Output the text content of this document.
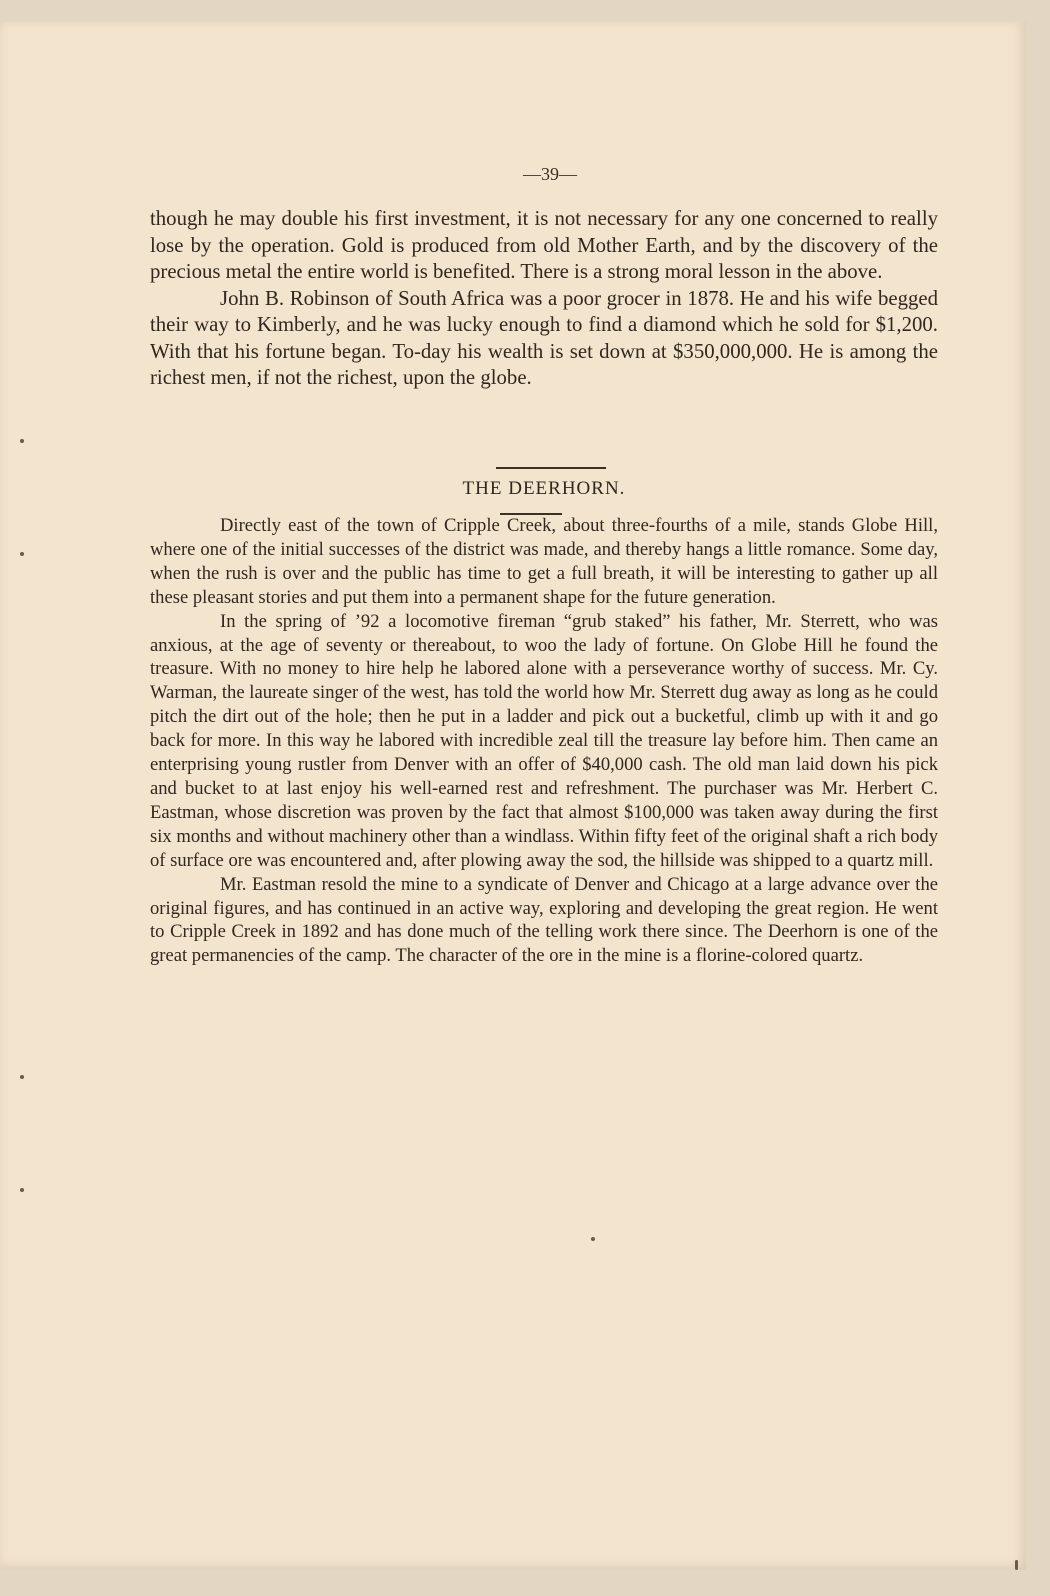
—39—

though he may double his first investment, it is not necessary for any one concerned to really lose by the operation. Gold is produced from old Mother Earth, and by the discovery of the precious metal the entire world is benefited. There is a strong moral lesson in the above.

John B. Robinson of South Africa was a poor grocer in 1878. He and his wife begged their way to Kimberly, and he was lucky enough to find a diamond which he sold for $1,200. With that his fortune began. To-day his wealth is set down at $350,000,000. He is among the richest men, if not the richest, upon the globe.

THE DEERHORN.

Directly east of the town of Cripple Creek, about three-fourths of a mile, stands Globe Hill, where one of the initial successes of the district was made, and thereby hangs a little romance. Some day, when the rush is over and the public has time to get a full breath, it will be interesting to gather up all these pleasant stories and put them into a permanent shape for the future generation.

In the spring of ’92 a locomotive fireman “grub staked” his father, Mr. Sterrett, who was anxious, at the age of seventy or thereabout, to woo the lady of fortune. On Globe Hill he found the treasure. With no money to hire help he labored alone with a perseverance worthy of success. Mr. Cy. Warman, the laureate singer of the west, has told the world how Mr. Sterrett dug away as long as he could pitch the dirt out of the hole; then he put in a ladder and pick out a bucketful, climb up with it and go back for more. In this way he labored with incredible zeal till the treasure lay before him. Then came an enterprising young rustler from Denver with an offer of $40,000 cash. The old man laid down his pick and bucket to at last enjoy his well-earned rest and refreshment. The purchaser was Mr. Herbert C. Eastman, whose discretion was proven by the fact that almost $100,000 was taken away during the first six months and without machinery other than a windlass. Within fifty feet of the original shaft a rich body of surface ore was encountered and, after plowing away the sod, the hillside was shipped to a quartz mill.

Mr. Eastman resold the mine to a syndicate of Denver and Chicago at a large advance over the original figures, and has continued in an active way, exploring and developing the great region. He went to Cripple Creek in 1892 and has done much of the telling work there since. The Deerhorn is one of the great permanencies of the camp. The character of the ore in the mine is a florine-colored quartz.
